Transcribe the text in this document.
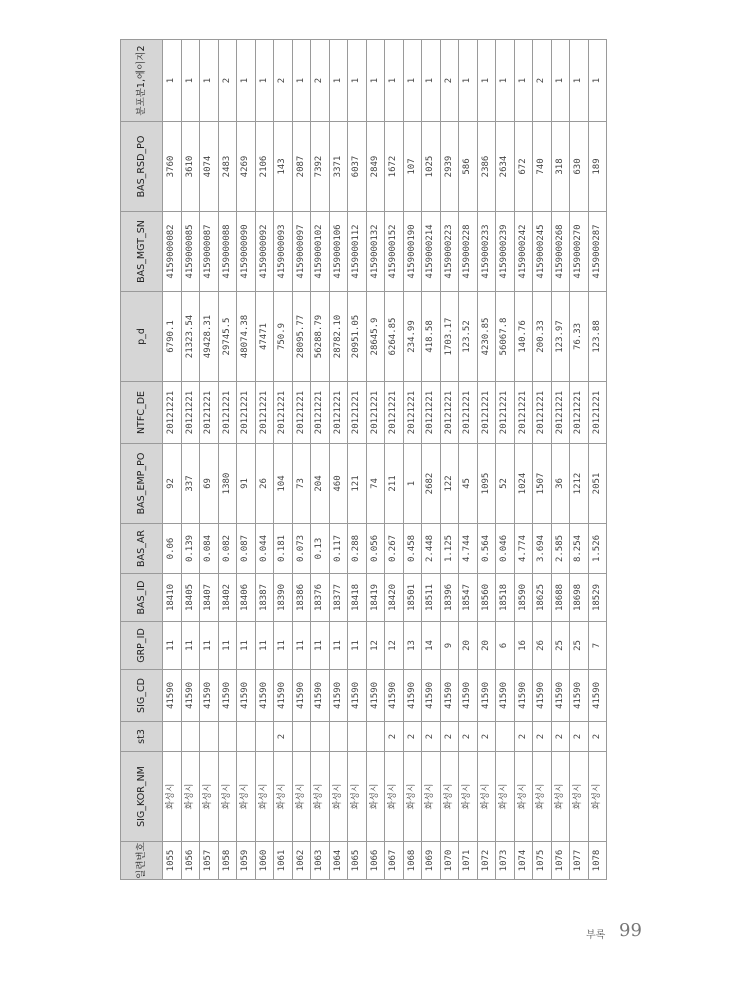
일련번호	SIG_KOR_NM	st3	SIG_CD	GRP_ID	BAS_ID	BAS_AR	BAS_EMP_PO	NTFC_DE	p_d	BAS_MGT_SN	BAS_RSD_PO	분포분1,에이지2
1055	화성시		41590	11	18410	0.06	92	20121221	6790.1	4159000082	3760	1
1056	화성시		41590	11	18405	0.139	337	20121221	21323.54	4159000085	3610	1
1057	화성시		41590	11	18407	0.084	69	20121221	49428.31	4159000087	4074	1
1058	화성시		41590	11	18402	0.082	1380	20121221	29745.5	4159000088	2483	2
1059	화성시		41590	11	18406	0.087	91	20121221	48074.38	4159000090	4269	1
1060	화성시		41590	11	18387	0.044	26	20121221	47471	4159000092	2106	1
1061	화성시	2	41590	11	18390	0.181	104	20121221	750.9	4159000093	143	2
1062	화성시		41590	11	18386	0.073	73	20121221	28095.77	4159000097	2087	1
1063	화성시		41590	11	18376	0.13	204	20121221	56288.79	4159000102	7392	2
1064	화성시		41590	11	18377	0.117	460	20121221	28782.10	4159000106	3371	1
1065	화성시		41590	11	18418	0.288	121	20121221	20951.05	4159000112	6037	1
1066	화성시		41590	12	18419	0.056	74	20121221	28645.9	4159000132	2849	1
1067	화성시	2	41590	12	18420	0.267	211	20121221	6264.85	4159000152	1672	1
1068	화성시	2	41590	13	18501	0.458	1	20121221	234.99	4159000190	107	1
1069	화성시	2	41590	14	18511	2.448	2682	20121221	418.58	4159000214	1025	1
1070	화성시	2	41590	9	18396	1.125	122	20121221	1703.17	4159000223	2939	2
1071	화성시	2	41590	20	18547	4.744	45	20121221	123.52	4159000228	586	1
1072	화성시	2	41590	20	18560	0.564	1095	20121221	4230.85	4159000233	2386	1
1073	화성시		41590	6	18518	0.046	52	20121221	56067.8	4159000239	2634	1
1074	화성시	2	41590	16	18590	4.774	1024	20121221	140.76	4159000242	672	1
1075	화성시	2	41590	26	18625	3.694	1507	20121221	200.33	4159000245	740	2
1076	화성시	2	41590	25	18688	2.585	36	20121221	123.97	4159000268	318	1
1077	화성시	2	41590	25	18698	8.254	1212	20121221	76.33	4159000270	630	1
1078	화성시	2	41590	7	18529	1.526	2051	20121221	123.88	4159000287	189	1
부록 99
